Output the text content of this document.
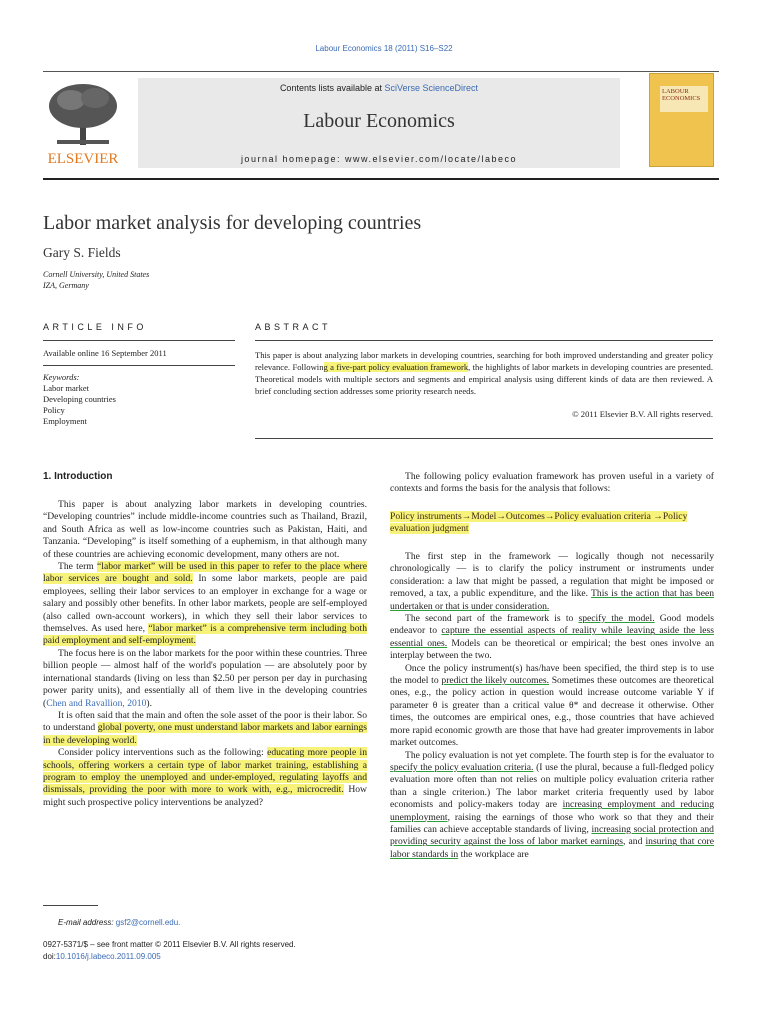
Labour Economics 18 (2011) S16–S22
ELSEVIER
Contents lists available at SciVerse ScienceDirect
Labour Economics
journal homepage: www.elsevier.com/locate/labeco
LABOUR ECONOMICS
Labor market analysis for developing countries
Gary S. Fields
Cornell University, United States
IZA, Germany
ARTICLE INFO	ABSTRACT
Available online 16 September 2011
Keywords:
Labor market
Developing countries
Policy
Employment
This paper is about analyzing labor markets in developing countries, searching for both improved understanding and greater policy relevance. Following a five-part policy evaluation framework, the highlights of labor markets in developing countries are presented. Theoretical models with multiple sectors and segments and empirical analysis using different kinds of data are then reviewed. A brief concluding section addresses some priority research needs.
© 2011 Elsevier B.V. All rights reserved.
1. Introduction

This paper is about analyzing labor markets in developing countries. “Developing countries” include middle-income countries such as Thailand, Brazil, and South Africa as well as low-income countries such as Pakistan, Haiti, and Tanzania. “Developing” is itself something of a euphemism, in that although many of these countries are achieving economic development, many others are not.

The term “labor market” will be used in this paper to refer to the place where labor services are bought and sold. In some labor markets, people are paid employees, selling their labor services to an employer in exchange for a wage or salary and possibly other benefits. In other labor markets, people are self-employed (also called own-account workers), in which they sell their labor services to themselves. As used here, “labor market” is a comprehensive term including both paid employment and self-employment.

The focus here is on the labor markets for the poor within these countries. Three billion people — almost half of the world's population — are absolutely poor by international standards (living on less than $2.50 per person per day in purchasing power parity units), and essentially all of them live in the developing countries (Chen and Ravallion, 2010).

It is often said that the main and often the sole asset of the poor is their labor. So to understand global poverty, one must understand labor markets and labor earnings in the developing world.

Consider policy interventions such as the following: educating more people in schools, offering workers a certain type of labor market training, establishing a program to employ the unemployed and under-employed, regulating layoffs and dismissals, providing the poor with more to work with, e.g., microcredit. How might such prospective policy interventions be analyzed?

The following policy evaluation framework has proven useful in a variety of contexts and forms the basis for the analysis that follows:

Policy instruments→Model→Outcomes→Policy evaluation criteria →Policy evaluation judgment

The first step in the framework — logically though not necessarily chronologically — is to clarify the policy instrument or instruments under consideration: a law that might be passed, a regulation that might be imposed or removed, a tax, a public expenditure, and the like. This is the action that has been undertaken or that is under consideration.

The second part of the framework is to specify the model. Good models endeavor to capture the essential aspects of reality while leaving aside the less essential ones. Models can be theoretical or empirical; the best ones involve an interplay between the two.

Once the policy instrument(s) has/have been specified, the third step is to use the model to predict the likely outcomes. Sometimes these outcomes are theoretical ones, e.g., the policy action in question would increase outcome variable Y if parameter θ is greater than a critical value θ* and decrease it otherwise. Other times, the outcomes are empirical ones, e.g., those countries that have achieved more rapid economic growth are those that have had greater improvements in labor market outcomes.

The policy evaluation is not yet complete. The fourth step is for the evaluator to specify the policy evaluation criteria. (I use the plural, because a full-fledged policy evaluation more often than not relies on multiple policy evaluation criteria rather than a single criterion.) The labor market criteria frequently used by labor economists and policy-makers today are increasing employment and reducing unemployment, raising the earnings of those who work so that they and their families can achieve acceptable standards of living, increasing social protection and providing security against the loss of labor market earnings, and insuring that core labor standards in the workplace are

E-mail address: gsf2@cornell.edu.
0927-5371/$ – see front matter © 2011 Elsevier B.V. All rights reserved.
doi:10.1016/j.labeco.2011.09.005
